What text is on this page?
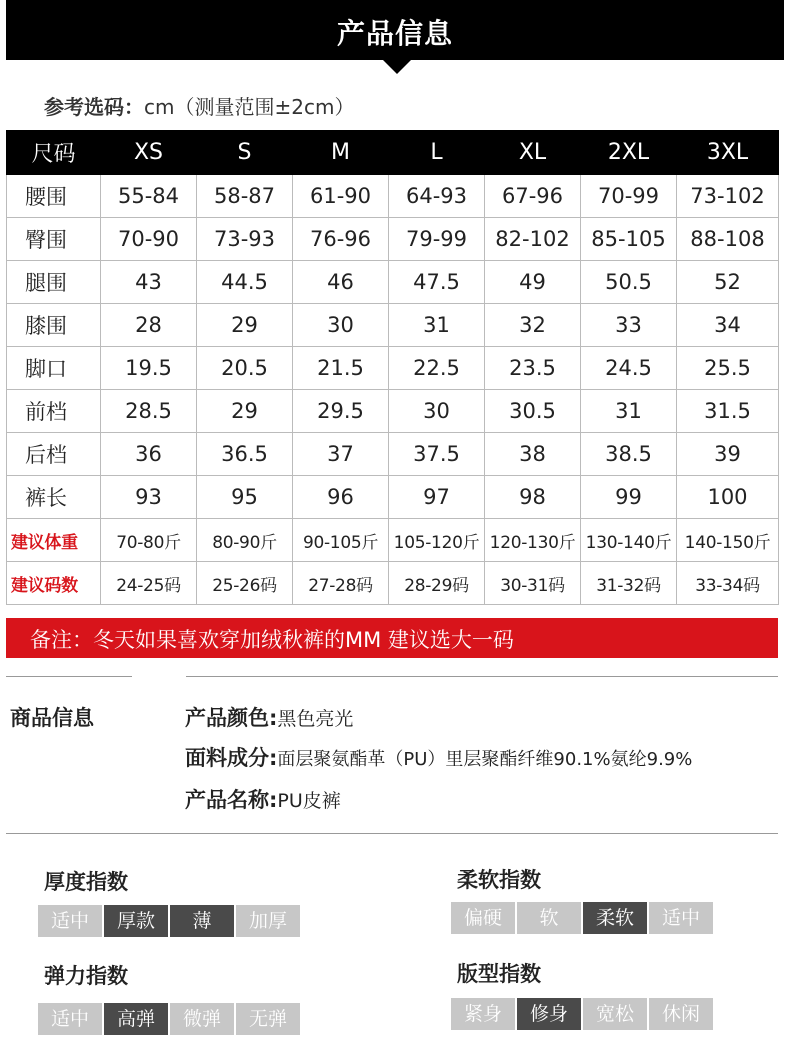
产品信息
参考选码：cm（测量范围±2cm）
尺码	XS	S	M	L	XL	2XL	3XL
腰围	55-84	58-87	61-90	64-93	67-96	70-99	73-102
臀围	70-90	73-93	76-96	79-99	82-102	85-105	88-108
腿围	43	44.5	46	47.5	49	50.5	52
膝围	28	29	30	31	32	33	34
脚口	19.5	20.5	21.5	22.5	23.5	24.5	25.5
前档	28.5	29	29.5	30	30.5	31	31.5
后档	36	36.5	37	37.5	38	38.5	39
裤长	93	95	96	97	98	99	100
建议体重	70-80斤	80-90斤	90-105斤	105-120斤	120-130斤	130-140斤	140-150斤
建议码数	24-25码	25-26码	27-28码	28-29码	30-31码	31-32码	33-34码
备注：冬天如果喜欢穿加绒秋裤的MM 建议选大一码
商品信息	产品颜色:黑色亮光
面料成分:面层聚氨酯革（PU）里层聚酯纤维90.1%氨纶9.9%
产品名称:PU皮裤
厚度指数
适中	厚款	薄	加厚
柔软指数
偏硬	软	柔软	适中
弹力指数
适中	高弹	微弹	无弹
版型指数
紧身	修身	宽松	休闲
